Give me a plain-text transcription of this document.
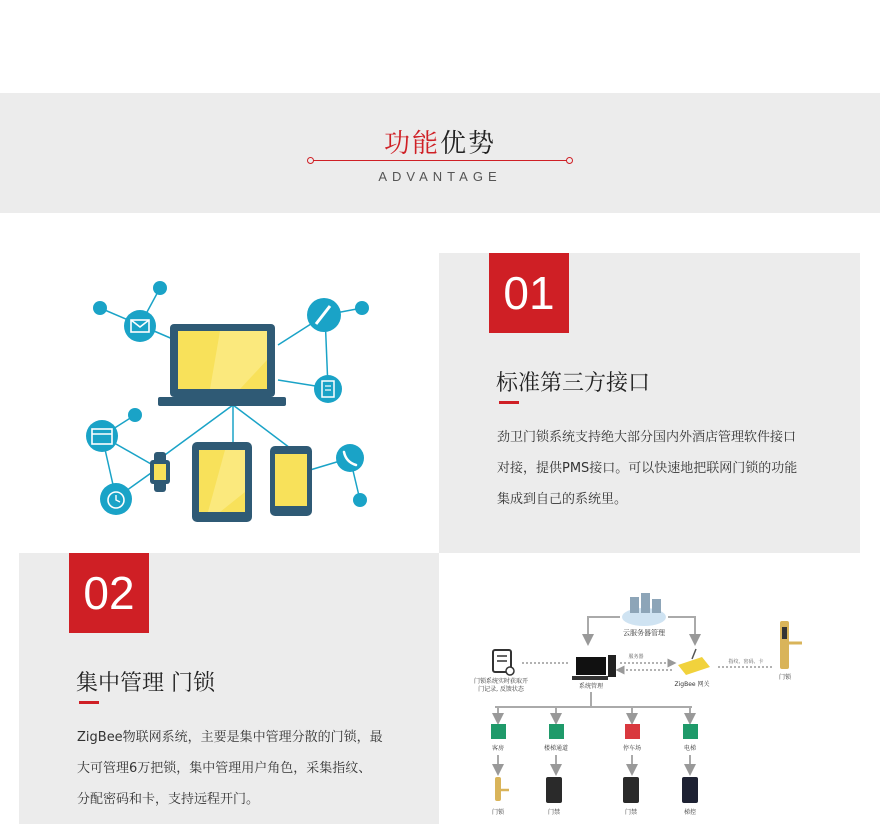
功能优势
ADVANTAGE
01
标准第三方接口
劲卫门锁系统支持绝大部分国内外酒店管理软件接口
对接，提供PMS接口。可以快速地把联网门锁的功能
集成到自己的系统里。
02
集中管理 门锁
ZigBee物联网系统，主要是集中管理分散的门锁，最
大可管理6万把锁，集中管理用户角色，采集指纹、
分配密码和卡，支持远程开门。
云服务器管理
门锁系统实时获取开
门记录, 反馈状态	系统管理
服务器
ZigBee 网关
指纹、密码、卡
门锁
客房	楼梯通道	停车场	电梯
门锁	门禁	门禁	梯控
